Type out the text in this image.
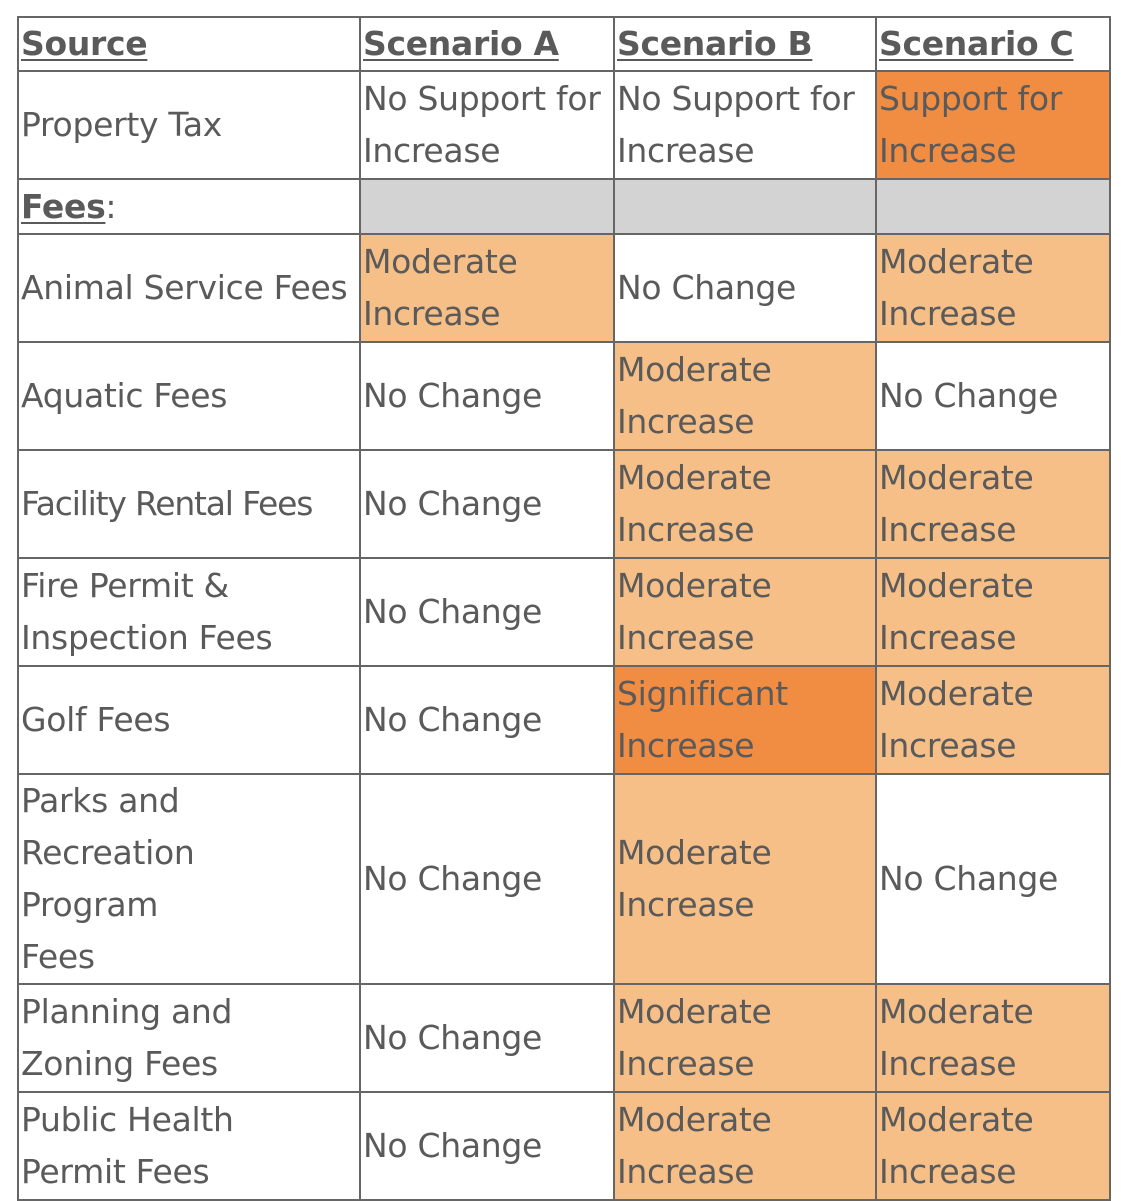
Source	Scenario A	Scenario B	Scenario C
Property Tax	No Support for Increase	No Support for Increase	Support for Increase
Fees:			
Animal Service Fees	Moderate Increase	No Change	Moderate Increase
Aquatic Fees	No Change	Moderate Increase	No Change
Facility Rental Fees	No Change	Moderate Increase	Moderate Increase
Fire Permit & Inspection Fees	No Change	Moderate Increase	Moderate Increase
Golf Fees	No Change	Significant Increase	Moderate Increase
Parks and Recreation Program Fees	No Change	Moderate Increase	No Change
Planning and Zoning Fees	No Change	Moderate Increase	Moderate Increase
Public Health Permit Fees	No Change	Moderate Increase	Moderate Increase
